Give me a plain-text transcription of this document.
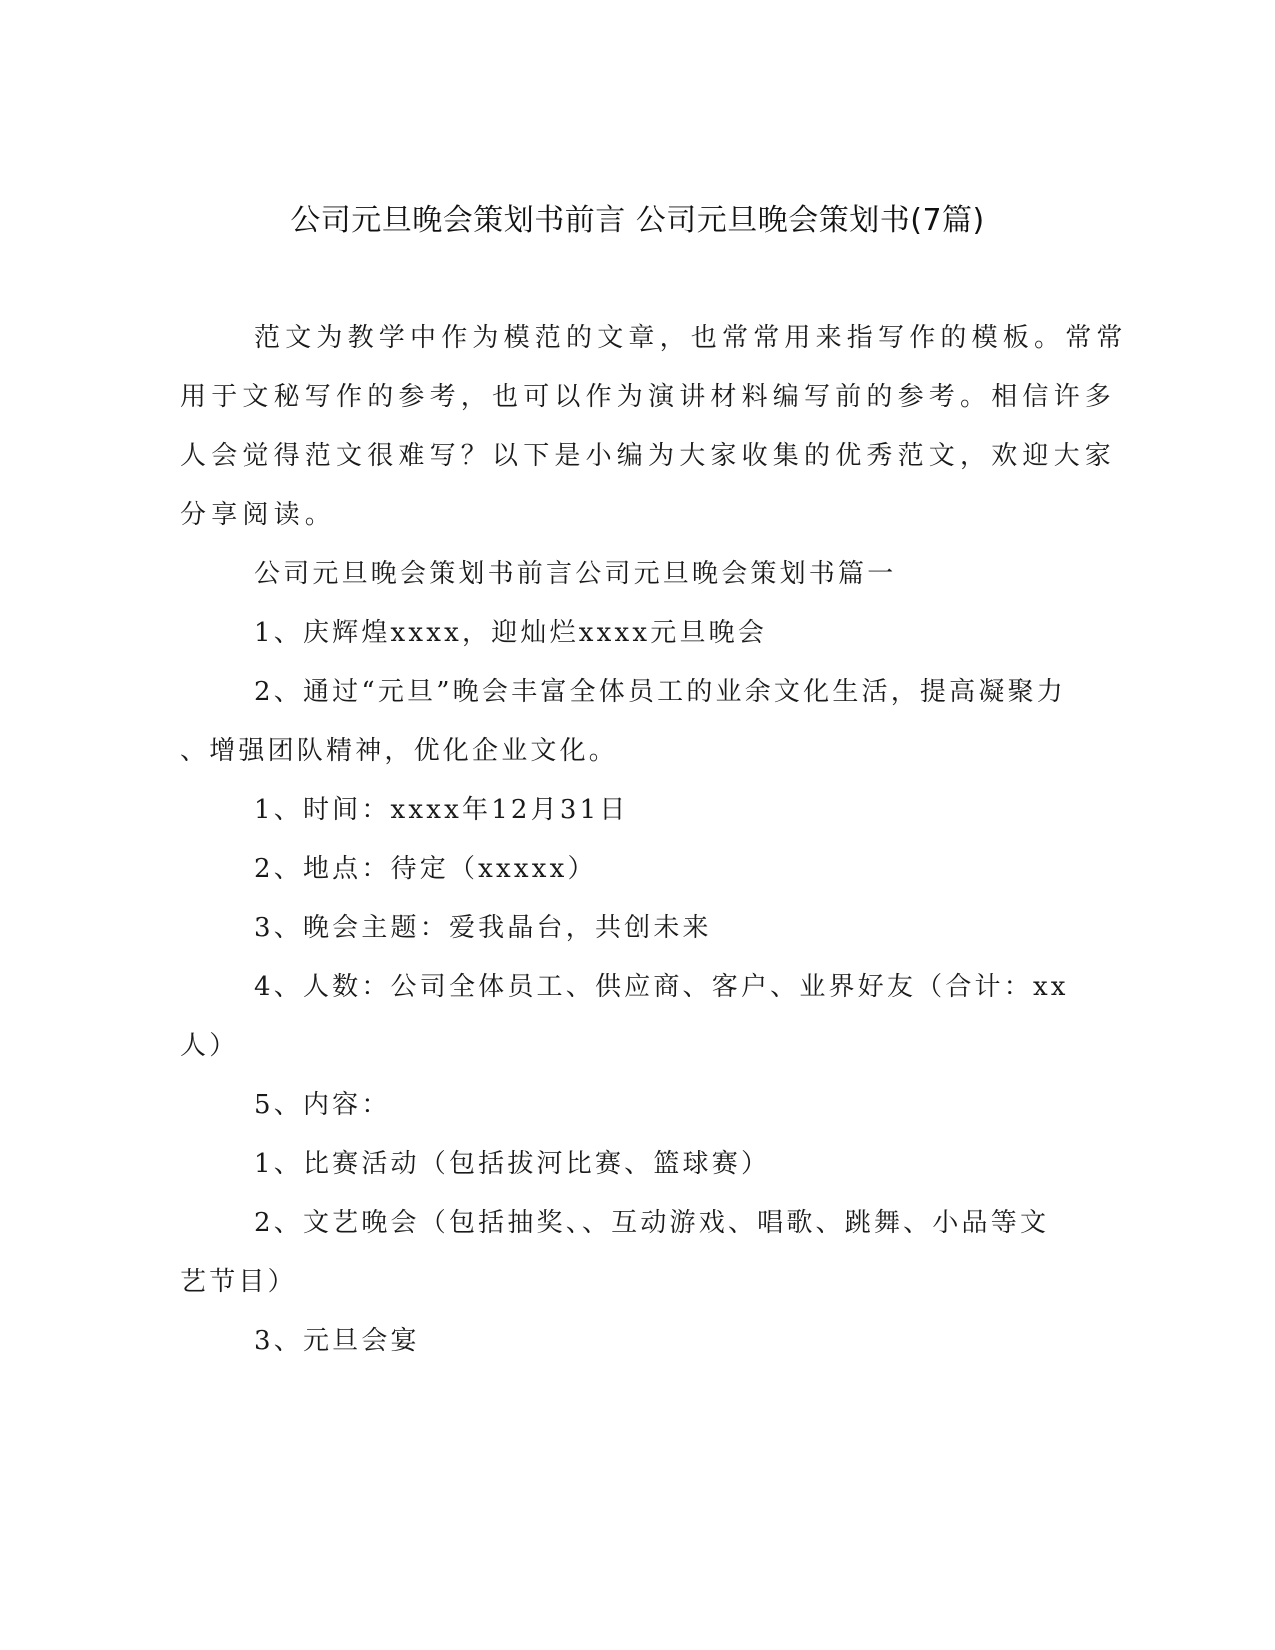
公司元旦晚会策划书前言 公司元旦晚会策划书(7篇)
范文为教学中作为模范的文章，也常常用来指写作的模板。常常
用于文秘写作的参考，也可以作为演讲材料编写前的参考。相信许多
人会觉得范文很难写？以下是小编为大家收集的优秀范文，欢迎大家
分享阅读。
公司元旦晚会策划书前言公司元旦晚会策划书篇一
1、庆辉煌xxxx，迎灿烂xxxx元旦晚会
2、通过“元旦”晚会丰富全体员工的业余文化生活，提高凝聚力
、增强团队精神，优化企业文化。
1、时间：xxxx年12月31日
2、地点：待定（xxxxx）
3、晚会主题：爱我晶台，共创未来
4、人数：公司全体员工、供应商、客户、业界好友（合计：xx
人）
5、内容：
1、比赛活动（包括拔河比赛、篮球赛）
2、文艺晚会（包括抽奖、、互动游戏、唱歌、跳舞、小品等文
艺节目）
3、元旦会宴
